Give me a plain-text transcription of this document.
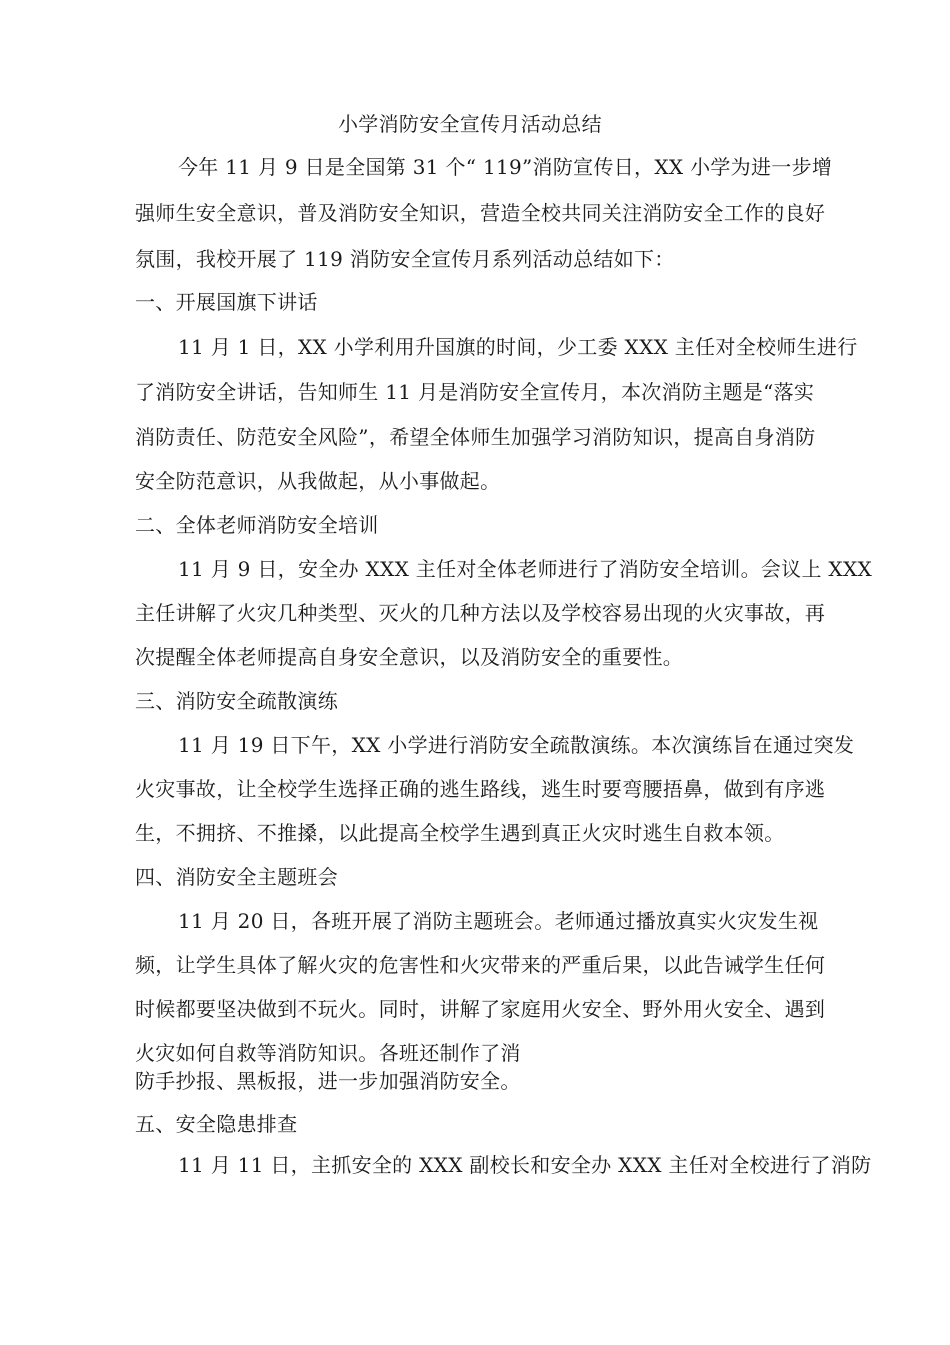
小学消防安全宣传月活动总结
今年 11 月 9 日是全国第 31 个“ 119”消防宣传日，XX 小学为进一步增
强师生安全意识，普及消防安全知识，营造全校共同关注消防安全工作的良好
氛围，我校开展了 119 消防安全宣传月系列活动总结如下：
一、开展国旗下讲话
11 月 1 日，XX 小学利用升国旗的时间，少工委 XXX 主任对全校师生进行
了消防安全讲话，告知师生 11 月是消防安全宣传月，本次消防主题是“落实
消防责任、防范安全风险”，希望全体师生加强学习消防知识，提高自身消防
安全防范意识，从我做起，从小事做起。
二、全体老师消防安全培训
11 月 9 日，安全办 XXX 主任对全体老师进行了消防安全培训。会议上 XXX
主任讲解了火灾几种类型、灭火的几种方法以及学校容易出现的火灾事故，再
次提醒全体老师提高自身安全意识，以及消防安全的重要性。
三、消防安全疏散演练
11 月 19 日下午，XX 小学进行消防安全疏散演练。本次演练旨在通过突发
火灾事故，让全校学生选择正确的逃生路线，逃生时要弯腰捂鼻，做到有序逃
生，不拥挤、不推搡，以此提高全校学生遇到真正火灾时逃生自救本领。
四、消防安全主题班会
11 月 20 日，各班开展了消防主题班会。老师通过播放真实火灾发生视
频，让学生具体了解火灾的危害性和火灾带来的严重后果，以此告诫学生任何
时候都要坚决做到不玩火。同时，讲解了家庭用火安全、野外用火安全、遇到
火灾如何自救等消防知识。各班还制作了消
防手抄报、黑板报，进一步加强消防安全。
五、安全隐患排查
11 月 11 日，主抓安全的 XXX 副校长和安全办 XXX 主任对全校进行了消防
